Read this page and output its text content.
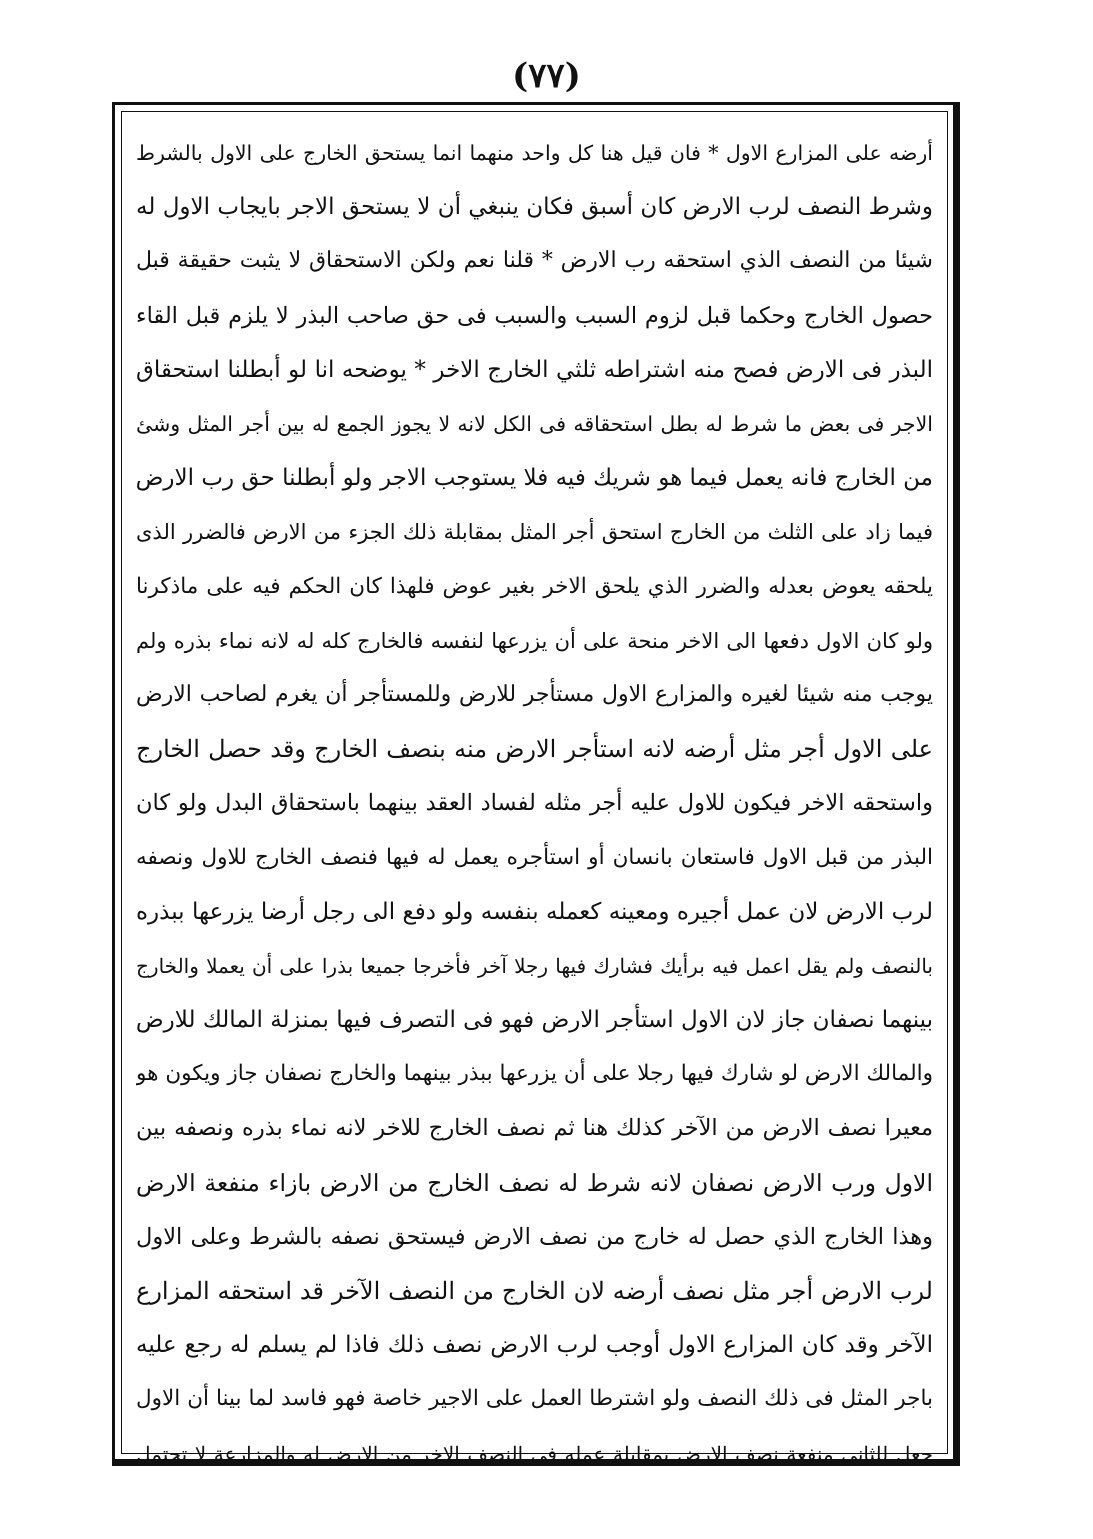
(٧٧)
أرضه على المزارع الاول * فان قيل هنا كل واحد منهما انما يستحق الخارج على الاول بالشرط
وشرط النصف لرب الارض كان أسبق فكان ينبغي أن لا يستحق الاجر بايجاب الاول له
شيئا من النصف الذي استحقه رب الارض * قلنا نعم ولكن الاستحقاق لا يثبت حقيقة قبل
حصول الخارج وحكما قبل لزوم السبب والسبب فى حق صاحب البذر لا يلزم قبل القاء
البذر فى الارض فصح منه اشتراطه ثلثي الخارج الاخر * يوضحه انا لو أبطلنا استحقاق
الاجر فى بعض ما شرط له بطل استحقاقه فى الكل لانه لا يجوز الجمع له بين أجر المثل وشئ
من الخارج فانه يعمل فيما هو شريك فيه فلا يستوجب الاجر ولو أبطلنا حق رب الارض
فيما زاد على الثلث من الخارج استحق أجر المثل بمقابلة ذلك الجزء من الارض فالضرر الذى
يلحقه يعوض بعدله والضرر الذي يلحق الاخر بغير عوض فلهذا كان الحكم فيه على ماذكرنا
ولو كان الاول دفعها الى الاخر منحة على أن يزرعها لنفسه فالخارج كله له لانه نماء بذره ولم
يوجب منه شيئا لغيره والمزارع الاول مستأجر للارض وللمستأجر أن يغرم لصاحب الارض
على الاول أجر مثل أرضه لانه استأجر الارض منه بنصف الخارج وقد حصل الخارج
واستحقه الاخر فيكون للاول عليه أجر مثله لفساد العقد بينهما باستحقاق البدل ولو كان
البذر من قبل الاول فاستعان بانسان أو استأجره يعمل له فيها فنصف الخارج للاول ونصفه
لرب الارض لان عمل أجيره ومعينه كعمله بنفسه ولو دفع الى رجل أرضا يزرعها ببذره
بالنصف ولم يقل اعمل فيه برأيك فشارك فيها رجلا آخر فأخرجا جميعا بذرا على أن يعملا والخارج
بينهما نصفان جاز لان الاول استأجر الارض فهو فى التصرف فيها بمنزلة المالك للارض
والمالك الارض لو شارك فيها رجلا على أن يزرعها ببذر بينهما والخارج نصفان جاز ويكون هو
معيرا نصف الارض من الآخر كذلك هنا ثم نصف الخارج للاخر لانه نماء بذره ونصفه بين
الاول ورب الارض نصفان لانه شرط له نصف الخارج من الارض بازاء منفعة الارض
وهذا الخارج الذي حصل له خارج من نصف الارض فيستحق نصفه بالشرط وعلى الاول
لرب الارض أجر مثل نصف أرضه لان الخارج من النصف الآخر قد استحقه المزارع
الآخر وقد كان المزارع الاول أوجب لرب الارض نصف ذلك فاذا لم يسلم له رجع عليه
باجر المثل فى ذلك النصف ولو اشترطا العمل على الاجير خاصة فهو فاسد لما بينا أن الاول
جعل للثانى منفعة نصف الارض بمقابلة عمله فى النصف الاخر من الارض له والمزارعة لا تحتمل
